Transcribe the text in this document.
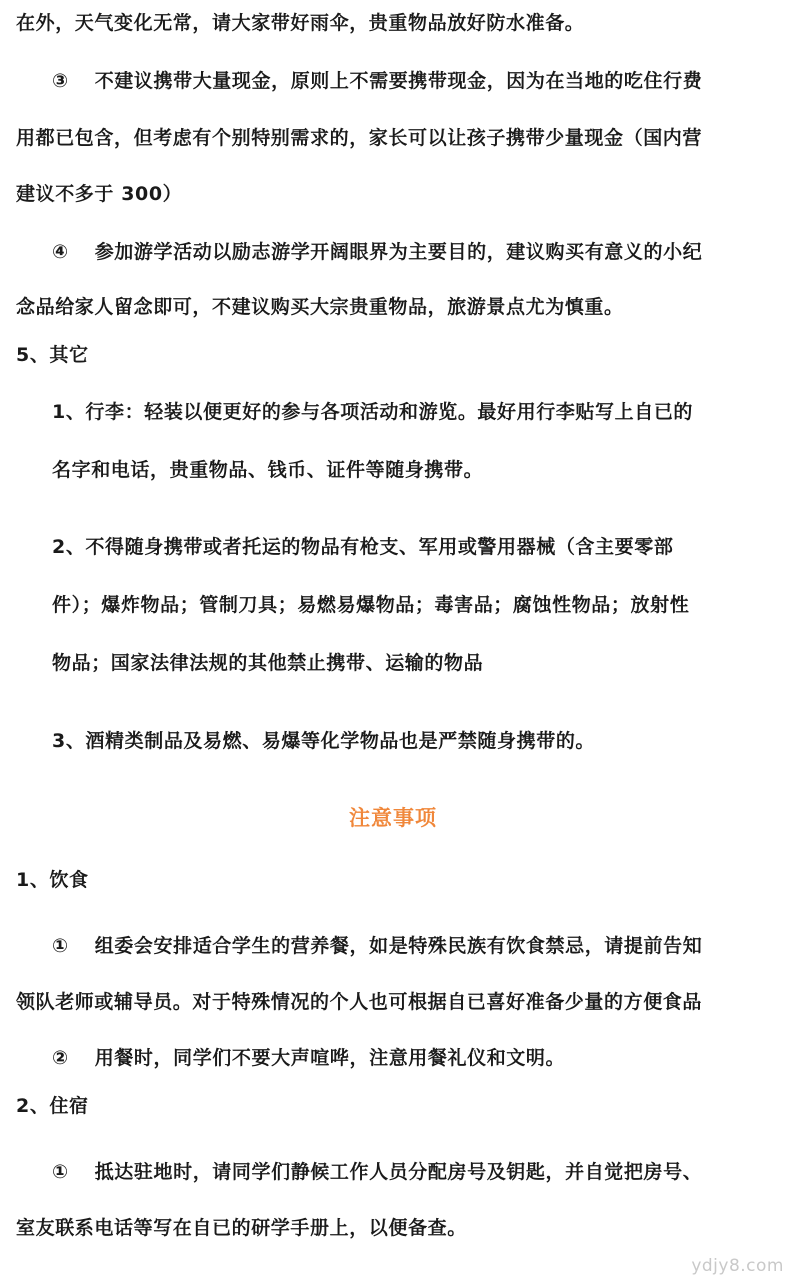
在外，天气变化无常，请大家带好雨伞，贵重物品放好防水准备。
③ 不建议携带大量现金，原则上不需要携带现金，因为在当地的吃住行费
用都已包含，但考虑有个别特别需求的，家长可以让孩子携带少量现金（国内营
建议不多于 300）
④ 参加游学活动以励志游学开阔眼界为主要目的，建议购买有意义的小纪
念品给家人留念即可，不建议购买大宗贵重物品，旅游景点尤为慎重。
5、其它
1、行李：轻装以便更好的参与各项活动和游览。最好用行李贴写上自已的
名字和电话，贵重物品、钱币、证件等随身携带。
2、不得随身携带或者托运的物品有枪支、军用或警用器械（含主要零部
件）；爆炸物品；管制刀具；易燃易爆物品；毒害品；腐蚀性物品；放射性
物品；国家法律法规的其他禁止携带、运输的物品
3、酒精类制品及易燃、易爆等化学物品也是严禁随身携带的。
注意事项
1、饮食
① 组委会安排适合学生的营养餐，如是特殊民族有饮食禁忌，请提前告知
领队老师或辅导员。对于特殊情况的个人也可根据自已喜好准备少量的方便食品
② 用餐时，同学们不要大声喧哗，注意用餐礼仪和文明。
2、住宿
① 抵达驻地时，请同学们静候工作人员分配房号及钥匙，并自觉把房号、
室友联系电话等写在自已的研学手册上，以便备查。
ydjy8.com
